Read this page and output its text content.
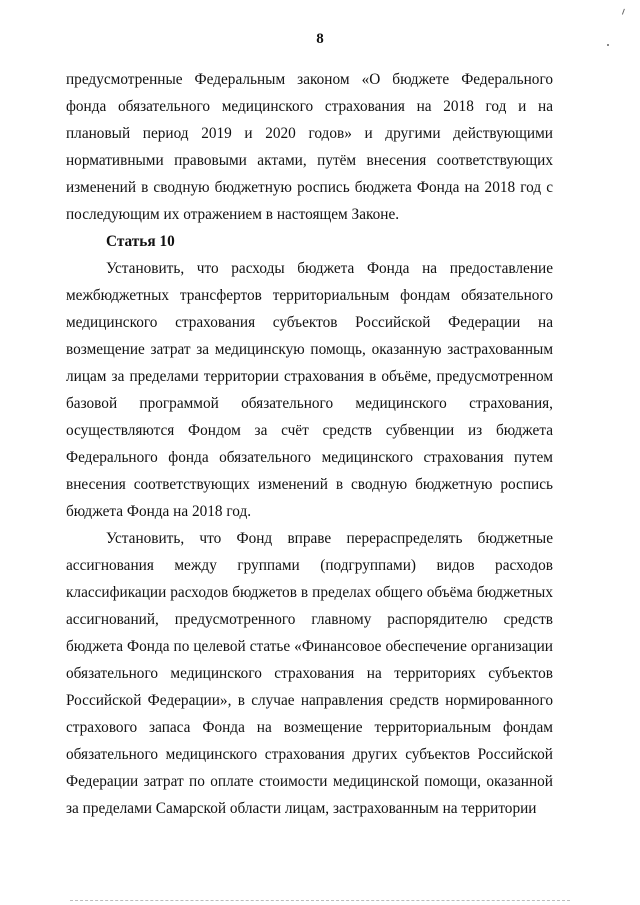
8

предусмотренные Федеральным законом «О бюджете Федерального фонда обязательного медицинского страхования на 2018 год и на плановый период 2019 и 2020 годов» и другими действующими нормативными правовыми актами, путём внесения соответствующих изменений в сводную бюджетную роспись бюджета Фонда на 2018 год с последующим их отражением в настоящем Законе.

Статья 10

Установить, что расходы бюджета Фонда на предоставление межбюджетных трансфертов территориальным фондам обязательного медицинского страхования субъектов Российской Федерации на возмещение затрат за медицинскую помощь, оказанную застрахованным лицам за пределами территории страхования в объёме, предусмотренном базовой программой обязательного медицинского страхования, осуществляются Фондом за счёт средств субвенции из бюджета Федерального фонда обязательного медицинского страхования путем внесения соответствующих изменений в сводную бюджетную роспись бюджета Фонда на 2018 год.

Установить, что Фонд вправе перераспределять бюджетные ассигнования между группами (подгруппами) видов расходов классификации расходов бюджетов в пределах общего объёма бюджетных ассигнований, предусмотренного главному распорядителю средств бюджета Фонда по целевой статье «Финансовое обеспечение организации обязательного медицинского страхования на территориях субъектов Российской Федерации», в случае направления средств нормированного страхового запаса Фонда на возмещение территориальным фондам обязательного медицинского страхования других субъектов Российской Федерации затрат по оплате стоимости медицинской помощи, оказанной за пределами Самарской области лицам, застрахованным на территории
